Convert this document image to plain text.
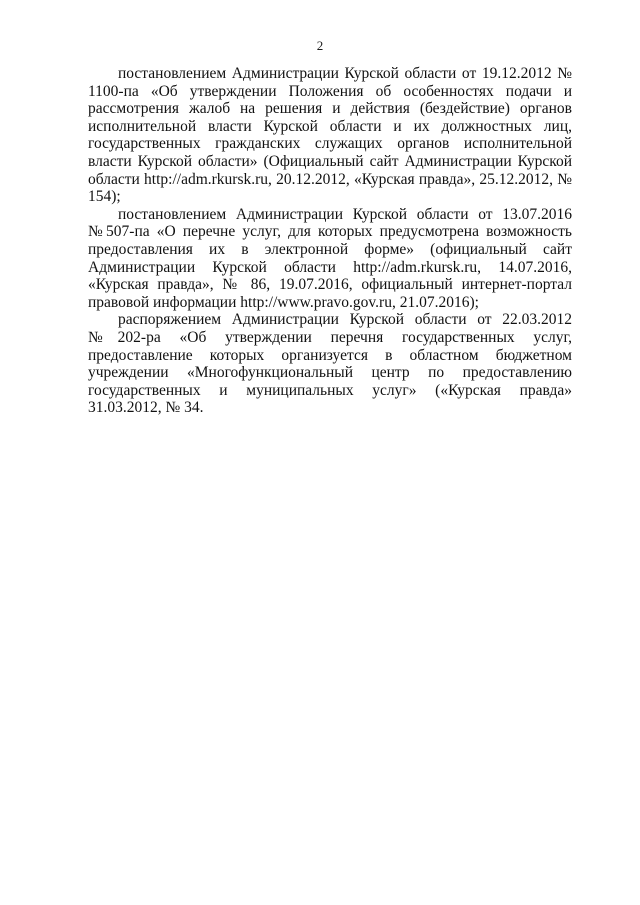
2

постановлением Администрации Курской области от 19.12.2012 № 1100-па «Об утверждении Положения об особенностях подачи и рассмотрения жалоб на решения и действия (бездействие) органов исполнительной власти Курской области и их должностных лиц, государственных гражданских служащих органов исполнительной власти Курской области» (Официальный сайт Администрации Курской области http://adm.rkursk.ru, 20.12.2012, «Курская правда», 25.12.2012, № 154);

постановлением Администрации Курской области от 13.07.2016 №507-па «О перечне услуг, для которых предусмотрена возможность предоставления их в электронной форме» (официальный сайт Администрации Курской области http://adm.rkursk.ru, 14.07.2016, «Курская правда», № 86, 19.07.2016, официальный интернет-портал правовой информации http://www.pravo.gov.ru, 21.07.2016);

распоряжением Администрации Курской области от 22.03.2012 №202-ра «Об утверждении перечня государственных услуг, предоставление которых организуется в областном бюджетном учреждении «Многофункциональный центр по предоставлению государственных и муниципальных услуг» («Курская правда» 31.03.2012, № 34.
